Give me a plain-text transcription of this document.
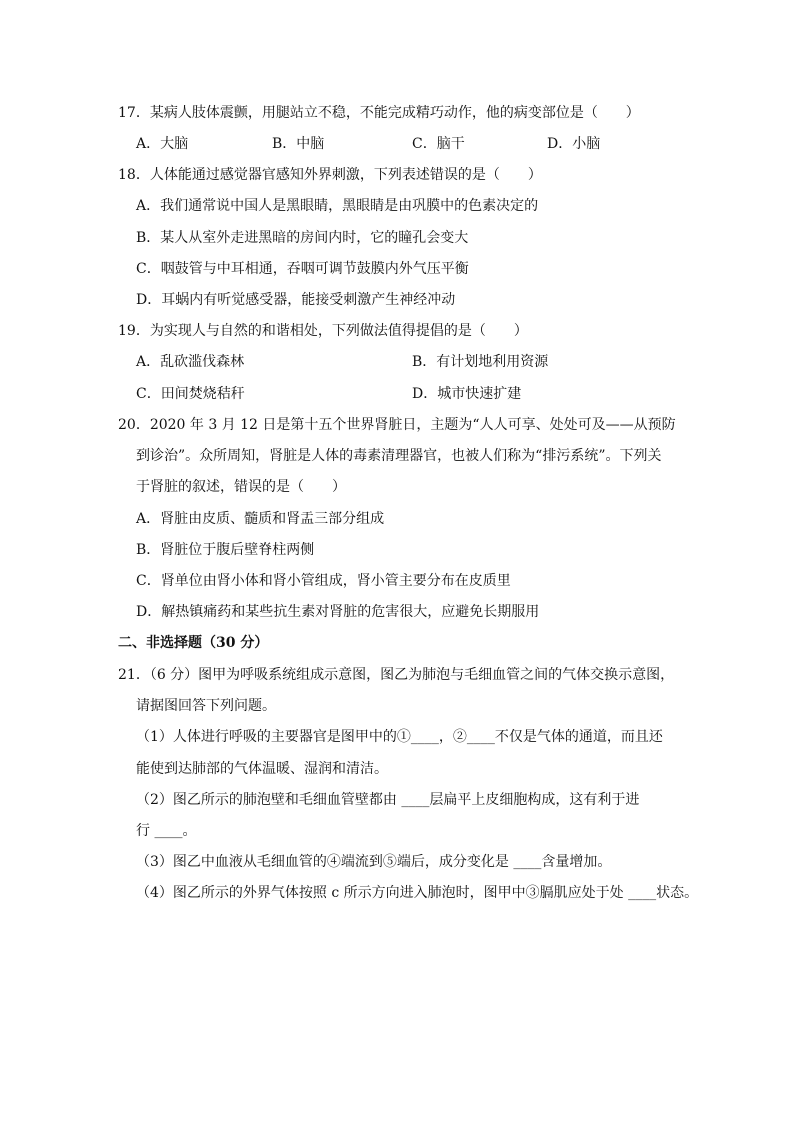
17．某病人肢体震颤，用腿站立不稳，不能完成精巧动作，他的病变部位是（　　）
A．大脑	B．中脑	C．脑干	D．小脑
18．人体能通过感觉器官感知外界刺激，下列表述错误的是（　　）
A．我们通常说中国人是黑眼睛，黑眼睛是由巩膜中的色素决定的
B．某人从室外走进黑暗的房间内时，它的瞳孔会变大
C．咽鼓管与中耳相通，吞咽可调节鼓膜内外气压平衡
D．耳蜗内有听觉感受器，能接受刺激产生神经冲动
19．为实现人与自然的和谐相处，下列做法值得提倡的是（　　）
A．乱砍滥伐森林	B．有计划地利用资源
C．田间焚烧秸秆	D．城市快速扩建
20．2020 年 3 月 12 日是第十五个世界肾脏日，主题为“人人可享、处处可及——从预防
到诊治”。众所周知，肾脏是人体的毒素清理器官，也被人们称为“排污系统”。下列关
于肾脏的叙述，错误的是（　　）
A．肾脏由皮质、髓质和肾盂三部分组成
B．肾脏位于腹后壁脊柱两侧
C．肾单位由肾小体和肾小管组成，肾小管主要分布在皮质里
D．解热镇痛药和某些抗生素对肾脏的危害很大，应避免长期服用
二、非选择题（30 分）
21．（6 分）图甲为呼吸系统组成示意图，图乙为肺泡与毛细血管之间的气体交换示意图，
请据图回答下列问题。
（1）人体进行呼吸的主要器官是图甲中的①____，②____不仅是气体的通道，而且还
能使到达肺部的气体温暖、湿润和清洁。
（2）图乙所示的肺泡壁和毛细血管壁都由 ____层扁平上皮细胞构成，这有利于进
行 ____。
（3）图乙中血液从毛细血管的④端流到⑤端后，成分变化是 ____含量增加。
（4）图乙所示的外界气体按照 c 所示方向进入肺泡时，图甲中③膈肌应处于处 ____状态。
